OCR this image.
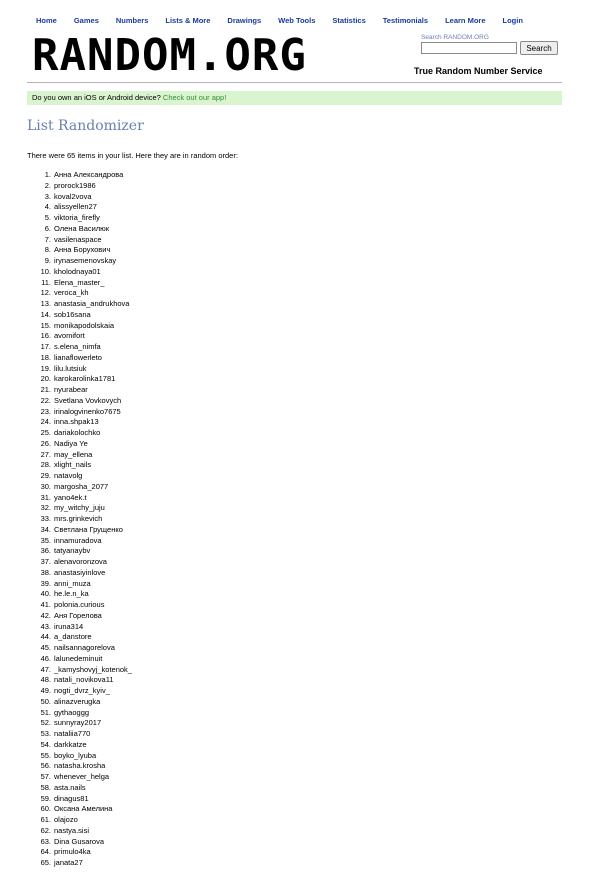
Home Games Numbers Lists & More Drawings Web Tools Statistics Testimonials Learn More Login
RANDOM.ORG	Search RANDOM.ORG
Search
True Random Number Service
Do you own an iOS or Android device? Check out our app!
List Randomizer
There were 65 items in your list. Here they are in random order:
1. Анна Александрова
2. prorock1986
3. koval2vova
4. alissyellen27
5. viktoria_firefly
6. Олена Василюк
7. vasilenaspace
8. Анна Борухович
9. irynasemenovskay
10. kholodnaya01
11. Elena_master_
12. veroca_kh
13. anastasia_andrukhova
14. sob16sana
15. monikapodolskaia
16. avomifort
17. s.elena_nimfa
18. lianaflowerleto
19. lilu.lutsiuk
20. karokarolinka1781
21. nyurabear
22. Svetlana Vovkovych
23. irinalogvinenko7675
24. inna.shpak13
25. dariakolochko
26. Nadiya Ye
27. may_ellena
28. xlight_nails
29. natavolg
30. margosha_2077
31. yano4ek.t
32. my_witchy_juju
33. mrs.grinkevich
34. Светлана Грущенко
35. innamuradova
36. tatyanaybv
37. alenavoronzova
38. anastasiyinlove
39. anni_muza
40. he.le.n_ka
41. polonia.curious
42. Аня Горелова
43. iruna314
44. a_danstore
45. nailsannagorelova
46. lalunedeminuit
47. _kamyshovyj_kotenok_
48. natali_novikova11
49. nogti_dvrz_kyiv_
50. alinazverugka
51. gythaoggg
52. sunnyray2017
53. nataliia770
54. darkkatze
55. boyko_lyuba
56. natasha.krosha
57. whenever_helga
58. asta.nails
59. dinagus81
60. Оксана Амелина
61. olajozo
62. nastya.sisi
63. Dina Gusarova
64. primulo4ka
65. janata27
